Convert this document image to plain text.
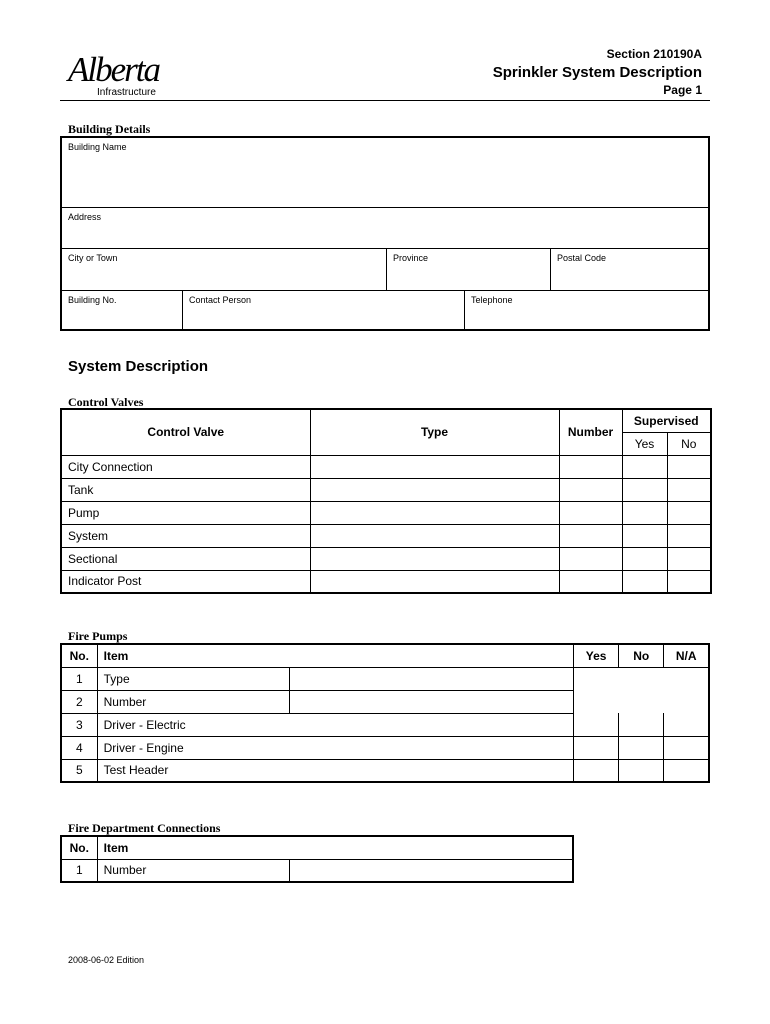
Alberta
Infrastructure
Section 210190A
Sprinkler System Description
Page 1
Building Details
Building Name
Address
City or Town	Province	Postal Code
Building No.	Contact Person	Telephone
System Description
Control Valves
Control Valve	Type	Number	Supervised	
			Yes	No
City Connection				
Tank				
Pump				
System				
Sectional				
Indicator Post				
Fire Pumps
No.	Item		Yes	No	N/A
1	Type				
2	Number				
3	Driver - Electric				
4	Driver - Engine				
5	Test Header				
Fire Department Connections
No.	Item	
1	Number	
2008-06-02 Edition
